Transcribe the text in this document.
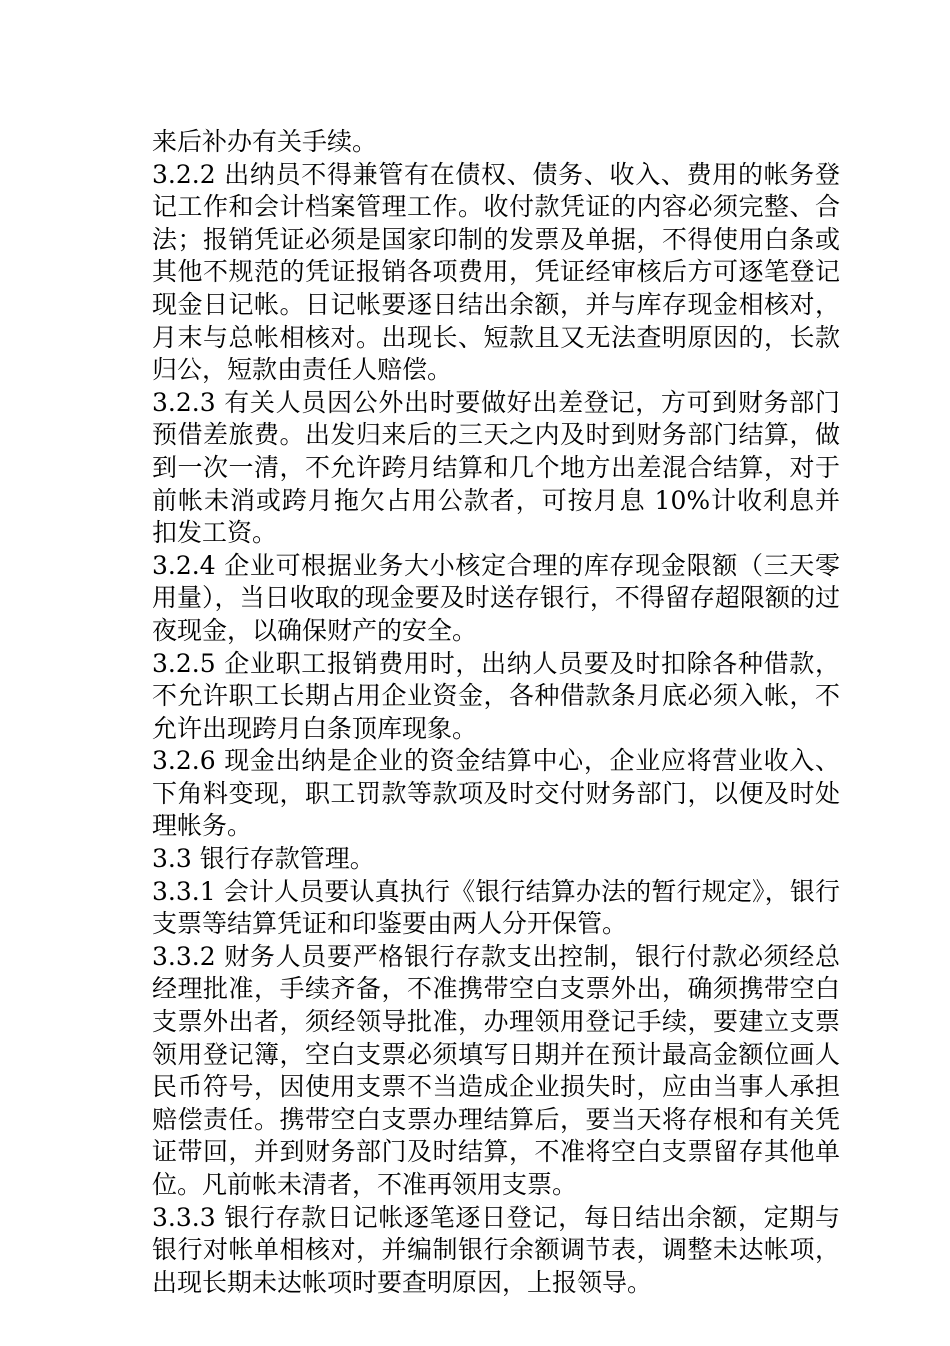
来后补办有关手续。

3.2.2 出纳员不得兼管有在债权、债务、收入、费用的帐务登记工作和会计档案管理工作。收付款凭证的内容必须完整、合法；报销凭证必须是国家印制的发票及单据，不得使用白条或其他不规范的凭证报销各项费用，凭证经审核后方可逐笔登记现金日记帐。日记帐要逐日结出余额，并与库存现金相核对，月末与总帐相核对。出现长、短款且又无法查明原因的，长款归公，短款由责任人赔偿。

3.2.3 有关人员因公外出时要做好出差登记，方可到财务部门预借差旅费。出发归来后的三天之内及时到财务部门结算，做到一次一清，不允许跨月结算和几个地方出差混合结算，对于前帐未消或跨月拖欠占用公款者，可按月息 10%计收利息并扣发工资。

3.2.4 企业可根据业务大小核定合理的库存现金限额（三天零用量），当日收取的现金要及时送存银行，不得留存超限额的过夜现金，以确保财产的安全。

3.2.5 企业职工报销费用时，出纳人员要及时扣除各种借款，不允许职工长期占用企业资金，各种借款条月底必须入帐，不允许出现跨月白条顶库现象。

3.2.6 现金出纳是企业的资金结算中心，企业应将营业收入、下角料变现，职工罚款等款项及时交付财务部门，以便及时处理帐务。

3.3 银行存款管理。

3.3.1 会计人员要认真执行《银行结算办法的暂行规定》，银行支票等结算凭证和印鉴要由两人分开保管。

3.3.2 财务人员要严格银行存款支出控制，银行付款必须经总经理批准，手续齐备，不准携带空白支票外出，确须携带空白支票外出者，须经领导批准，办理领用登记手续，要建立支票领用登记簿，空白支票必须填写日期并在预计最高金额位画人民币符号，因使用支票不当造成企业损失时，应由当事人承担赔偿责任。携带空白支票办理结算后，要当天将存根和有关凭证带回，并到财务部门及时结算，不准将空白支票留存其他单位。凡前帐未清者，不准再领用支票。

3.3.3 银行存款日记帐逐笔逐日登记，每日结出余额，定期与银行对帐单相核对，并编制银行余额调节表，调整未达帐项，出现长期未达帐项时要查明原因，上报领导。
